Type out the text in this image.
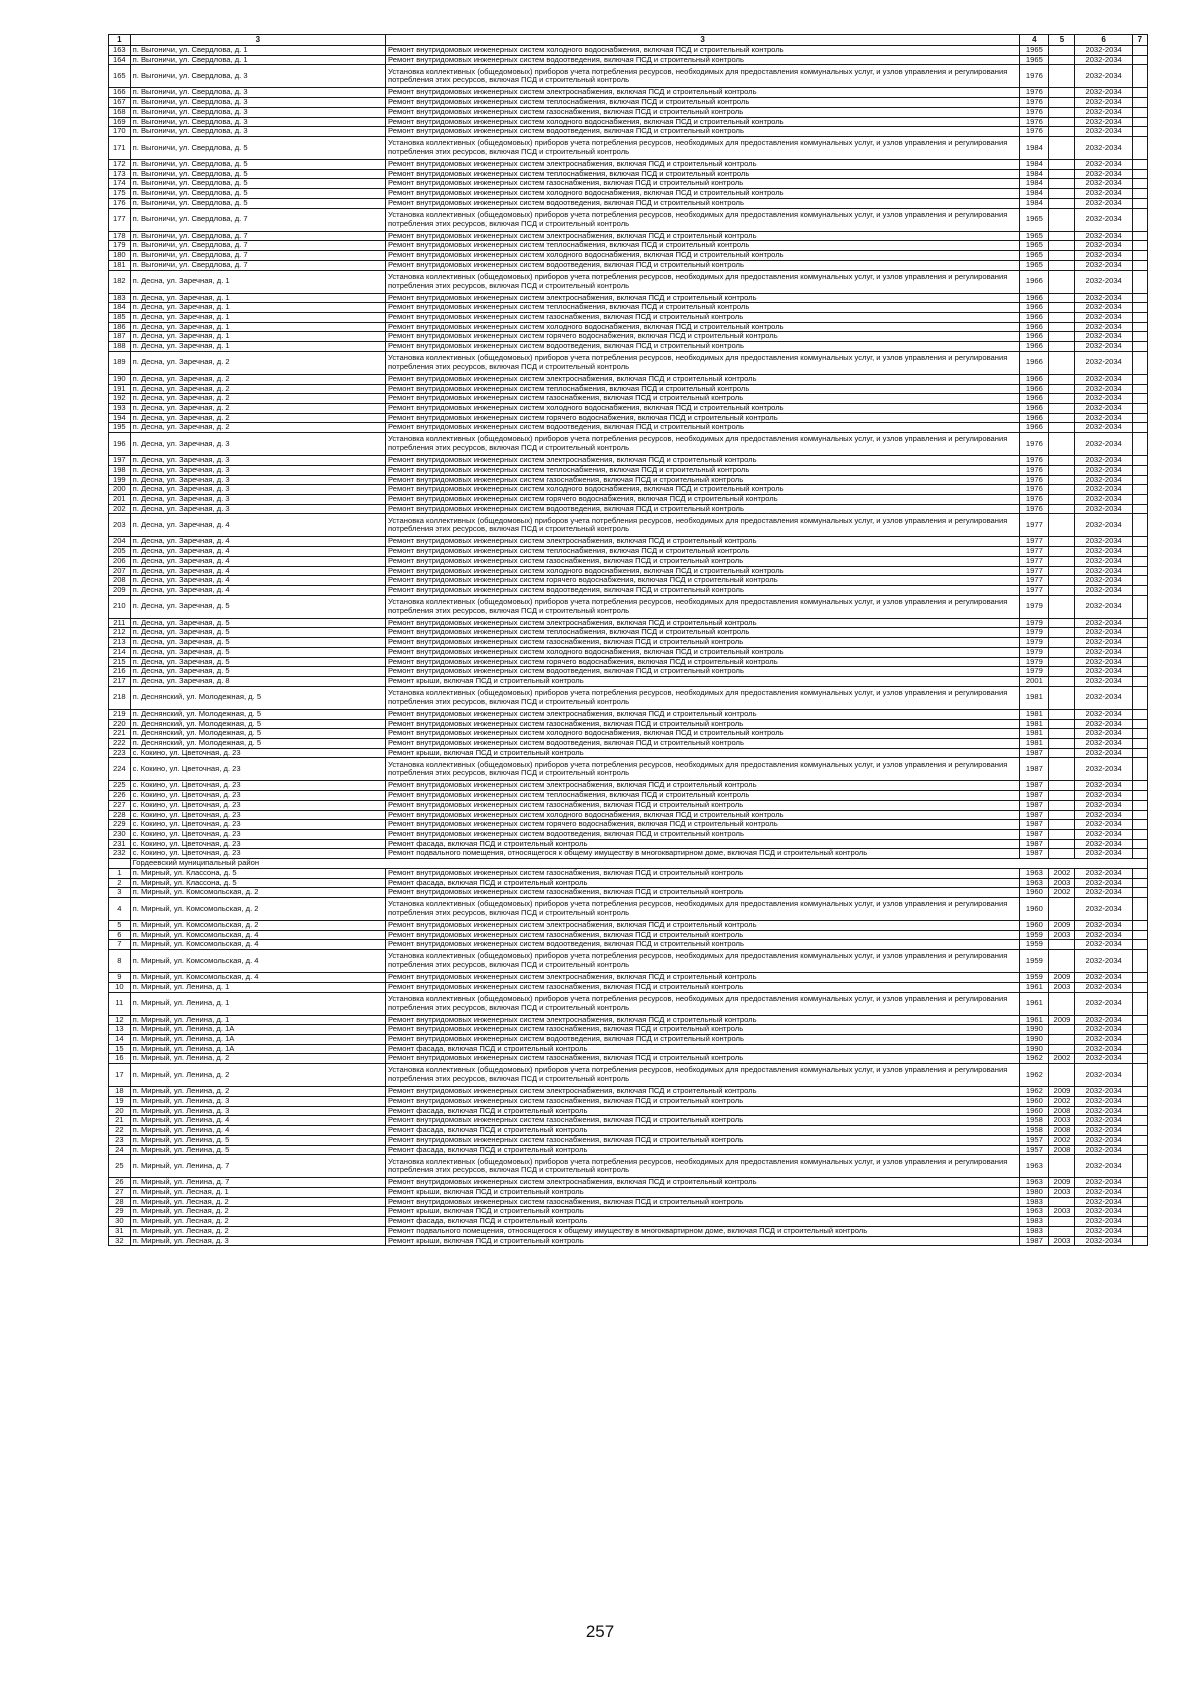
1	3	3	4	5	6	7
163	п. Выгоничи, ул. Свердлова, д. 1	Ремонт внутридомовых инженерных систем холодного водоснабжения, включая ПСД и строительный контроль	1965		2032-2034	
164	п. Выгоничи, ул. Свердлова, д. 1	Ремонт внутридомовых инженерных систем водоотведения, включая ПСД и строительный контроль	1965		2032-2034	
165	п. Выгоничи, ул. Свердлова, д. 3	Установка коллективных (общедомовых) приборов учета потребления ресурсов, необходимых для предоставления коммунальных услуг, и узлов управления и регулирования потребления этих ресурсов, включая ПСД и строительный контроль	1976		2032-2034	
166	п. Выгоничи, ул. Свердлова, д. 3	Ремонт внутридомовых инженерных систем электроснабжения, включая ПСД и строительный контроль	1976		2032-2034	
167	п. Выгоничи, ул. Свердлова, д. 3	Ремонт внутридомовых инженерных систем теплоснабжения, включая ПСД и строительный контроль	1976		2032-2034	
168	п. Выгоничи, ул. Свердлова, д. 3	Ремонт внутридомовых инженерных систем газоснабжения, включая ПСД и строительный контроль	1976		2032-2034	
169	п. Выгоничи, ул. Свердлова, д. 3	Ремонт внутридомовых инженерных систем холодного водоснабжения, включая ПСД и строительный контроль	1976		2032-2034	
170	п. Выгоничи, ул. Свердлова, д. 3	Ремонт внутридомовых инженерных систем водоотведения, включая ПСД и строительный контроль	1976		2032-2034	
171	п. Выгоничи, ул. Свердлова, д. 5	Установка коллективных (общедомовых) приборов учета потребления ресурсов, необходимых для предоставления коммунальных услуг, и узлов управления и регулирования потребления этих ресурсов, включая ПСД и строительный контроль	1984		2032-2034	
172	п. Выгоничи, ул. Свердлова, д. 5	Ремонт внутридомовых инженерных систем электроснабжения, включая ПСД и строительный контроль	1984		2032-2034	
173	п. Выгоничи, ул. Свердлова, д. 5	Ремонт внутридомовых инженерных систем теплоснабжения, включая ПСД и строительный контроль	1984		2032-2034	
174	п. Выгоничи, ул. Свердлова, д. 5	Ремонт внутридомовых инженерных систем газоснабжения, включая ПСД и строительный контроль	1984		2032-2034	
175	п. Выгоничи, ул. Свердлова, д. 5	Ремонт внутридомовых инженерных систем холодного водоснабжения, включая ПСД и строительный контроль	1984		2032-2034	
176	п. Выгоничи, ул. Свердлова, д. 5	Ремонт внутридомовых инженерных систем водоотведения, включая ПСД и строительный контроль	1984		2032-2034	
177	п. Выгоничи, ул. Свердлова, д. 7	Установка коллективных (общедомовых) приборов учета потребления ресурсов, необходимых для предоставления коммунальных услуг, и узлов управления и регулирования потребления этих ресурсов, включая ПСД и строительный контроль	1965		2032-2034	
178	п. Выгоничи, ул. Свердлова, д. 7	Ремонт внутридомовых инженерных систем электроснабжения, включая ПСД и строительный контроль	1965		2032-2034	
179	п. Выгоничи, ул. Свердлова, д. 7	Ремонт внутридомовых инженерных систем теплоснабжения, включая ПСД и строительный контроль	1965		2032-2034	
180	п. Выгоничи, ул. Свердлова, д. 7	Ремонт внутридомовых инженерных систем холодного водоснабжения, включая ПСД и строительный контроль	1965		2032-2034	
181	п. Выгоничи, ул. Свердлова, д. 7	Ремонт внутридомовых инженерных систем водоотведения, включая ПСД и строительный контроль	1965		2032-2034	
182	п. Десна, ул. Заречная, д. 1	Установка коллективных (общедомовых) приборов учета потребления ресурсов, необходимых для предоставления коммунальных услуг, и узлов управления и регулирования потребления этих ресурсов, включая ПСД и строительный контроль	1966		2032-2034	
183	п. Десна, ул. Заречная, д. 1	Ремонт внутридомовых инженерных систем электроснабжения, включая ПСД и строительный контроль	1966		2032-2034	
184	п. Десна, ул. Заречная, д. 1	Ремонт внутридомовых инженерных систем теплоснабжения, включая ПСД и строительный контроль	1966		2032-2034	
185	п. Десна, ул. Заречная, д. 1	Ремонт внутридомовых инженерных систем газоснабжения, включая ПСД и строительный контроль	1966		2032-2034	
186	п. Десна, ул. Заречная, д. 1	Ремонт внутридомовых инженерных систем холодного водоснабжения, включая ПСД и строительный контроль	1966		2032-2034	
187	п. Десна, ул. Заречная, д. 1	Ремонт внутридомовых инженерных систем горячего водоснабжения, включая ПСД и строительный контроль	1966		2032-2034	
188	п. Десна, ул. Заречная, д. 1	Ремонт внутридомовых инженерных систем водоотведения, включая ПСД и строительный контроль	1966		2032-2034	
189	п. Десна, ул. Заречная, д. 2	Установка коллективных (общедомовых) приборов учета потребления ресурсов, необходимых для предоставления коммунальных услуг, и узлов управления и регулирования потребления этих ресурсов, включая ПСД и строительный контроль	1966		2032-2034	
190	п. Десна, ул. Заречная, д. 2	Ремонт внутридомовых инженерных систем электроснабжения, включая ПСД и строительный контроль	1966		2032-2034	
191	п. Десна, ул. Заречная, д. 2	Ремонт внутридомовых инженерных систем теплоснабжения, включая ПСД и строительный контроль	1966		2032-2034	
192	п. Десна, ул. Заречная, д. 2	Ремонт внутридомовых инженерных систем газоснабжения, включая ПСД и строительный контроль	1966		2032-2034	
193	п. Десна, ул. Заречная, д. 2	Ремонт внутридомовых инженерных систем холодного водоснабжения, включая ПСД и строительный контроль	1966		2032-2034	
194	п. Десна, ул. Заречная, д. 2	Ремонт внутридомовых инженерных систем горячего водоснабжения, включая ПСД и строительный контроль	1966		2032-2034	
195	п. Десна, ул. Заречная, д. 2	Ремонт внутридомовых инженерных систем водоотведения, включая ПСД и строительный контроль	1966		2032-2034	
196	п. Десна, ул. Заречная, д. 3	Установка коллективных (общедомовых) приборов учета потребления ресурсов, необходимых для предоставления коммунальных услуг, и узлов управления и регулирования потребления этих ресурсов, включая ПСД и строительный контроль	1976		2032-2034	
197	п. Десна, ул. Заречная, д. 3	Ремонт внутридомовых инженерных систем электроснабжения, включая ПСД и строительный контроль	1976		2032-2034	
198	п. Десна, ул. Заречная, д. 3	Ремонт внутридомовых инженерных систем теплоснабжения, включая ПСД и строительный контроль	1976		2032-2034	
199	п. Десна, ул. Заречная, д. 3	Ремонт внутридомовых инженерных систем газоснабжения, включая ПСД и строительный контроль	1976		2032-2034	
200	п. Десна, ул. Заречная, д. 3	Ремонт внутридомовых инженерных систем холодного водоснабжения, включая ПСД и строительный контроль	1976		2032-2034	
201	п. Десна, ул. Заречная, д. 3	Ремонт внутридомовых инженерных систем горячего водоснабжения, включая ПСД и строительный контроль	1976		2032-2034	
202	п. Десна, ул. Заречная, д. 3	Ремонт внутридомовых инженерных систем водоотведения, включая ПСД и строительный контроль	1976		2032-2034	
203	п. Десна, ул. Заречная, д. 4	Установка коллективных (общедомовых) приборов учета потребления ресурсов, необходимых для предоставления коммунальных услуг, и узлов управления и регулирования потребления этих ресурсов, включая ПСД и строительный контроль	1977		2032-2034	
204	п. Десна, ул. Заречная, д. 4	Ремонт внутридомовых инженерных систем электроснабжения, включая ПСД и строительный контроль	1977		2032-2034	
205	п. Десна, ул. Заречная, д. 4	Ремонт внутридомовых инженерных систем теплоснабжения, включая ПСД и строительный контроль	1977		2032-2034	
206	п. Десна, ул. Заречная, д. 4	Ремонт внутридомовых инженерных систем газоснабжения, включая ПСД и строительный контроль	1977		2032-2034	
207	п. Десна, ул. Заречная, д. 4	Ремонт внутридомовых инженерных систем холодного водоснабжения, включая ПСД и строительный контроль	1977		2032-2034	
208	п. Десна, ул. Заречная, д. 4	Ремонт внутридомовых инженерных систем горячего водоснабжения, включая ПСД и строительный контроль	1977		2032-2034	
209	п. Десна, ул. Заречная, д. 4	Ремонт внутридомовых инженерных систем водоотведения, включая ПСД и строительный контроль	1977		2032-2034	
210	п. Десна, ул. Заречная, д. 5	Установка коллективных (общедомовых) приборов учета потребления ресурсов, необходимых для предоставления коммунальных услуг, и узлов управления и регулирования потребления этих ресурсов, включая ПСД и строительный контроль	1979		2032-2034	
211	п. Десна, ул. Заречная, д. 5	Ремонт внутридомовых инженерных систем электроснабжения, включая ПСД и строительный контроль	1979		2032-2034	
212	п. Десна, ул. Заречная, д. 5	Ремонт внутридомовых инженерных систем теплоснабжения, включая ПСД и строительный контроль	1979		2032-2034	
213	п. Десна, ул. Заречная, д. 5	Ремонт внутридомовых инженерных систем газоснабжения, включая ПСД и строительный контроль	1979		2032-2034	
214	п. Десна, ул. Заречная, д. 5	Ремонт внутридомовых инженерных систем холодного водоснабжения, включая ПСД и строительный контроль	1979		2032-2034	
215	п. Десна, ул. Заречная, д. 5	Ремонт внутридомовых инженерных систем горячего водоснабжения, включая ПСД и строительный контроль	1979		2032-2034	
216	п. Десна, ул. Заречная, д. 5	Ремонт внутридомовых инженерных систем водоотведения, включая ПСД и строительный контроль	1979		2032-2034	
217	п. Десна, ул. Заречная, д. 8	Ремонт крыши, включая ПСД и строительный контроль	2001		2032-2034	
218	п. Деснянский, ул. Молодежная, д. 5	Установка коллективных (общедомовых) приборов учета потребления ресурсов, необходимых для предоставления коммунальных услуг, и узлов управления и регулирования потребления этих ресурсов, включая ПСД и строительный контроль	1981		2032-2034	
219	п. Деснянский, ул. Молодежная, д. 5	Ремонт внутридомовых инженерных систем электроснабжения, включая ПСД и строительный контроль	1981		2032-2034	
220	п. Деснянский, ул. Молодежная, д. 5	Ремонт внутридомовых инженерных систем газоснабжения, включая ПСД и строительный контроль	1981		2032-2034	
221	п. Деснянский, ул. Молодежная, д. 5	Ремонт внутридомовых инженерных систем холодного водоснабжения, включая ПСД и строительный контроль	1981		2032-2034	
222	п. Деснянский, ул. Молодежная, д. 5	Ремонт внутридомовых инженерных систем водоотведения, включая ПСД и строительный контроль	1981		2032-2034	
223	с. Кокино, ул. Цветочная, д. 23	Ремонт крыши, включая ПСД и строительный контроль	1987		2032-2034	
224	с. Кокино, ул. Цветочная, д. 23	Установка коллективных (общедомовых) приборов учета потребления ресурсов, необходимых для предоставления коммунальных услуг, и узлов управления и регулирования потребления этих ресурсов, включая ПСД и строительный контроль	1987		2032-2034	
225	с. Кокино, ул. Цветочная, д. 23	Ремонт внутридомовых инженерных систем электроснабжения, включая ПСД и строительный контроль	1987		2032-2034	
226	с. Кокино, ул. Цветочная, д. 23	Ремонт внутридомовых инженерных систем теплоснабжения, включая ПСД и строительный контроль	1987		2032-2034	
227	с. Кокино, ул. Цветочная, д. 23	Ремонт внутридомовых инженерных систем газоснабжения, включая ПСД и строительный контроль	1987		2032-2034	
228	с. Кокино, ул. Цветочная, д. 23	Ремонт внутридомовых инженерных систем холодного водоснабжения, включая ПСД и строительный контроль	1987		2032-2034	
229	с. Кокино, ул. Цветочная, д. 23	Ремонт внутридомовых инженерных систем горячего водоснабжения, включая ПСД и строительный контроль	1987		2032-2034	
230	с. Кокино, ул. Цветочная, д. 23	Ремонт внутридомовых инженерных систем водоотведения, включая ПСД и строительный контроль	1987		2032-2034	
231	с. Кокино, ул. Цветочная, д. 23	Ремонт фасада, включая ПСД и строительный контроль	1987		2032-2034	
232	с. Кокино, ул. Цветочная, д. 23	Ремонт подвального помещения, относящегося к общему имуществу в многоквартирном доме, включая ПСД и строительный контроль	1987		2032-2034	
	Гордеевский муниципальный район					
1	п. Мирный, ул. Классона, д. 5	Ремонт внутридомовых инженерных систем газоснабжения, включая ПСД и строительный контроль	1963	2002	2032-2034	
2	п. Мирный, ул. Классона, д. 5	Ремонт фасада, включая ПСД и строительный контроль	1963	2003	2032-2034	
3	п. Мирный, ул. Комсомольская, д. 2	Ремонт внутридомовых инженерных систем газоснабжения, включая ПСД и строительный контроль	1960	2002	2032-2034	
4	п. Мирный, ул. Комсомольская, д. 2	Установка коллективных (общедомовых) приборов учета потребления ресурсов, необходимых для предоставления коммунальных услуг, и узлов управления и регулирования потребления этих ресурсов, включая ПСД и строительный контроль	1960		2032-2034	
5	п. Мирный, ул. Комсомольская, д. 2	Ремонт внутридомовых инженерных систем электроснабжения, включая ПСД и строительный контроль	1960	2009	2032-2034	
6	п. Мирный, ул. Комсомольская, д. 4	Ремонт внутридомовых инженерных систем газоснабжения, включая ПСД и строительный контроль	1959	2003	2032-2034	
7	п. Мирный, ул. Комсомольская, д. 4	Ремонт внутридомовых инженерных систем водоотведения, включая ПСД и строительный контроль	1959		2032-2034	
8	п. Мирный, ул. Комсомольская, д. 4	Установка коллективных (общедомовых) приборов учета потребления ресурсов, необходимых для предоставления коммунальных услуг, и узлов управления и регулирования потребления этих ресурсов, включая ПСД и строительный контроль	1959		2032-2034	
9	п. Мирный, ул. Комсомольская, д. 4	Ремонт внутридомовых инженерных систем электроснабжения, включая ПСД и строительный контроль	1959	2009	2032-2034	
10	п. Мирный, ул. Ленина, д. 1	Ремонт внутридомовых инженерных систем газоснабжения, включая ПСД и строительный контроль	1961	2003	2032-2034	
11	п. Мирный, ул. Ленина, д. 1	Установка коллективных (общедомовых) приборов учета потребления ресурсов, необходимых для предоставления коммунальных услуг, и узлов управления и регулирования потребления этих ресурсов, включая ПСД и строительный контроль	1961		2032-2034	
12	п. Мирный, ул. Ленина, д. 1	Ремонт внутридомовых инженерных систем электроснабжения, включая ПСД и строительный контроль	1961	2009	2032-2034	
13	п. Мирный, ул. Ленина, д. 1А	Ремонт внутридомовых инженерных систем газоснабжения, включая ПСД и строительный контроль	1990		2032-2034	
14	п. Мирный, ул. Ленина, д. 1А	Ремонт внутридомовых инженерных систем водоотведения, включая ПСД и строительный контроль	1990		2032-2034	
15	п. Мирный, ул. Ленина, д. 1А	Ремонт фасада, включая ПСД и строительный контроль	1990		2032-2034	
16	п. Мирный, ул. Ленина, д. 2	Ремонт внутридомовых инженерных систем газоснабжения, включая ПСД и строительный контроль	1962	2002	2032-2034	
17	п. Мирный, ул. Ленина, д. 2	Установка коллективных (общедомовых) приборов учета потребления ресурсов, необходимых для предоставления коммунальных услуг, и узлов управления и регулирования потребления этих ресурсов, включая ПСД и строительный контроль	1962		2032-2034	
18	п. Мирный, ул. Ленина, д. 2	Ремонт внутридомовых инженерных систем электроснабжения, включая ПСД и строительный контроль	1962	2009	2032-2034	
19	п. Мирный, ул. Ленина, д. 3	Ремонт внутридомовых инженерных систем газоснабжения, включая ПСД и строительный контроль	1960	2002	2032-2034	
20	п. Мирный, ул. Ленина, д. 3	Ремонт фасада, включая ПСД и строительный контроль	1960	2008	2032-2034	
21	п. Мирный, ул. Ленина, д. 4	Ремонт внутридомовых инженерных систем газоснабжения, включая ПСД и строительный контроль	1958	2003	2032-2034	
22	п. Мирный, ул. Ленина, д. 4	Ремонт фасада, включая ПСД и строительный контроль	1958	2008	2032-2034	
23	п. Мирный, ул. Ленина, д. 5	Ремонт внутридомовых инженерных систем газоснабжения, включая ПСД и строительный контроль	1957	2002	2032-2034	
24	п. Мирный, ул. Ленина, д. 5	Ремонт фасада, включая ПСД и строительный контроль	1957	2008	2032-2034	
25	п. Мирный, ул. Ленина, д. 7	Установка коллективных (общедомовых) приборов учета потребления ресурсов, необходимых для предоставления коммунальных услуг, и узлов управления и регулирования потребления этих ресурсов, включая ПСД и строительный контроль	1963		2032-2034	
26	п. Мирный, ул. Ленина, д. 7	Ремонт внутридомовых инженерных систем электроснабжения, включая ПСД и строительный контроль	1963	2009	2032-2034	
27	п. Мирный, ул. Лесная, д. 1	Ремонт крыши, включая ПСД и строительный контроль	1980	2003	2032-2034	
28	п. Мирный, ул. Лесная, д. 2	Ремонт внутридомовых инженерных систем газоснабжения, включая ПСД и строительный контроль	1983		2032-2034	
29	п. Мирный, ул. Лесная, д. 2	Ремонт крыши, включая ПСД и строительный контроль	1963	2003	2032-2034	
30	п. Мирный, ул. Лесная, д. 2	Ремонт фасада, включая ПСД и строительный контроль	1983		2032-2034	
31	п. Мирный, ул. Лесная, д. 2	Ремонт подвального помещения, относящегося к общему имуществу в многоквартирном доме, включая ПСД и строительный контроль	1983		2032-2034	
32	п. Мирный, ул. Лесная, д. 3	Ремонт крыши, включая ПСД и строительный контроль	1987	2003	2032-2034	
257
